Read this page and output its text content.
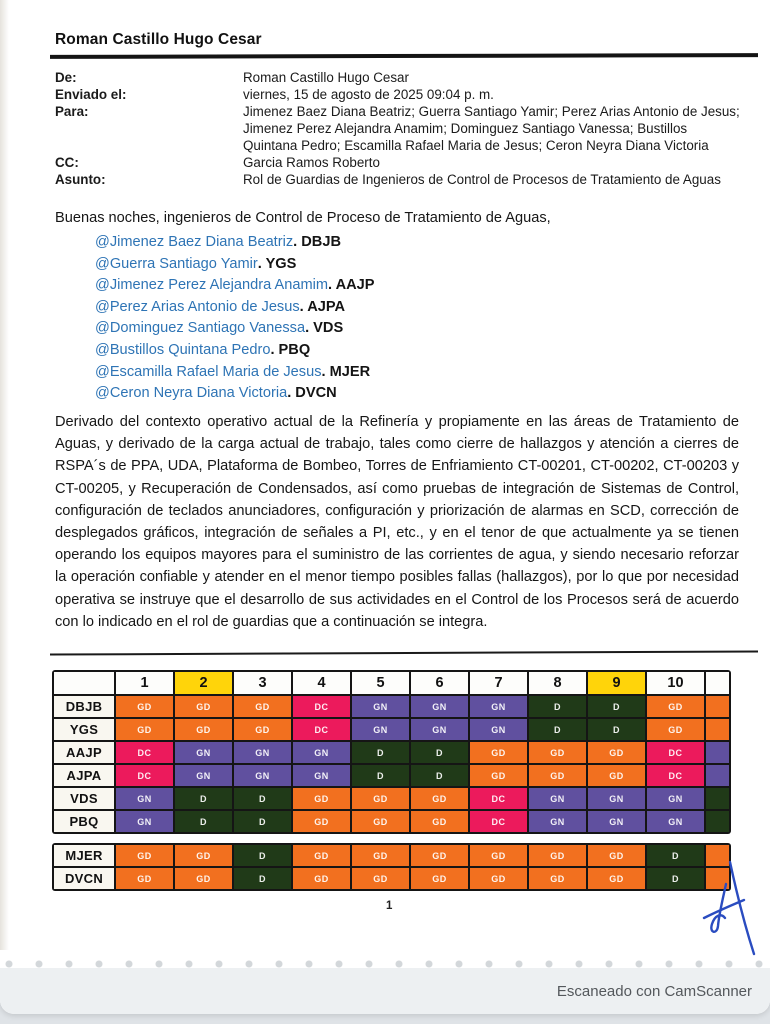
Roman Castillo Hugo Cesar
De:	Roman Castillo Hugo Cesar
Enviado el:	viernes, 15 de agosto de 2025 09:04 p. m.
Para:	Jimenez Baez Diana Beatriz; Guerra Santiago Yamir; Perez Arias Antonio de Jesus; Jimenez Perez Alejandra Anamim; Dominguez Santiago Vanessa; Bustillos Quintana Pedro; Escamilla Rafael Maria de Jesus; Ceron Neyra Diana Victoria
CC:	Garcia Ramos Roberto
Asunto:	Rol de Guardias de Ingenieros de Control de Procesos de Tratamiento de Aguas
Buenas noches, ingenieros de Control de Proceso de Tratamiento de Aguas,
@Jimenez Baez Diana Beatriz. DBJB
@Guerra Santiago Yamir. YGS
@Jimenez Perez Alejandra Anamim. AAJP
@Perez Arias Antonio de Jesus. AJPA
@Dominguez Santiago Vanessa. VDS
@Bustillos Quintana Pedro. PBQ
@Escamilla Rafael Maria de Jesus. MJER
@Ceron Neyra Diana Victoria. DVCN
Derivado del contexto operativo actual de la Refinería y propiamente en las áreas de Tratamiento de Aguas, y derivado de la carga actual de trabajo, tales como cierre de hallazgos y atención a cierres de RSPA´s de PPA, UDA, Plataforma de Bombeo, Torres de Enfriamiento CT-00201, CT-00202, CT-00203 y CT-00205, y Recuperación de Condensados, así como pruebas de integración de Sistemas de Control, configuración de teclados anunciadores, configuración y priorización de alarmas en SCD, corrección de desplegados gráficos, integración de señales a PI, etc., y en el tenor de que actualmente ya se tienen operando los equipos mayores para el suministro de las corrientes de agua, y siendo necesario reforzar la operación confiable y atender en el menor tiempo posibles fallas (hallazgos), por lo que por necesidad operativa se instruye que el desarrollo de sus actividades en el Control de los Procesos será de acuerdo con lo indicado en el rol de guardias que a continuación se integra.
1	2	3	4	5	6	7	8	9	10
DBJB	GD	GD	GD	DC	GN	GN	GN	D	D	GD
YGS	GD	GD	GD	DC	GN	GN	GN	D	D	GD
AAJP	DC	GN	GN	GN	D	D	GD	GD	GD	DC
AJPA	DC	GN	GN	GN	D	D	GD	GD	GD	DC
VDS	GN	D	D	GD	GD	GD	DC	GN	GN	GN
PBQ	GN	D	D	GD	GD	GD	DC	GN	GN	GN
MJER	GD	GD	D	GD	GD	GD	GD	GD	GD	D
DVCN	GD	GD	D	GD	GD	GD	GD	GD	GD	D
1
Escaneado con CamScanner
